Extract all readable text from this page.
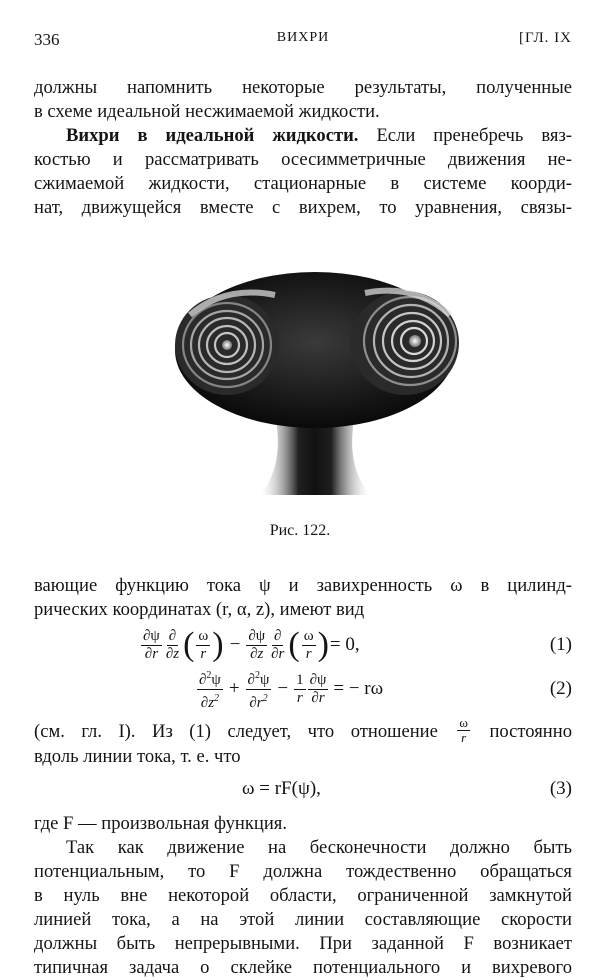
336	ВИХРИ	[ГЛ. IX
должны напомнить некоторые результаты, полученные
в схеме идеальной несжимаемой жидкости.
Вихри в идеальной жидкости. Если пренебречь вяз-
костью и рассматривать осесимметричные движения не-
сжимаемой жидкости, стационарные в системе коорди-
нат, движущейся вместе с вихрем, то уравнения, связы-
Рис. 122.
вающие функцию тока ψ и завихренность ω в цилинд-
рических координатах (r, α, z), имеют вид
$\frac{\partial\psi}{\partial r} \frac{\partial}{\partial z}$ ( $\frac{\omega}{r}$ ) − $\frac{\partial\psi}{\partial z} \frac{\partial}{\partial r}$ ( $\frac{\omega}{r}$ ) = 0,	(1)
$\frac{\partial^2\psi}{\partial z^2} + \frac{\partial^2\psi}{\partial r^2} - \frac{1}{r} \frac{\partial\psi}{\partial r}$ = − rω	(2)
(см. гл. I). Из (1) следует, что отношение $\frac{\omega}{r}$ постоянно
вдоль линии тока, т. е. что
ω = rF(ψ),	(3)
где F — произвольная функция.
Так как движение на бесконечности должно быть
потенциальным, то F должна тождественно обращаться
в нуль вне некоторой области, ограниченной замкнутой
линией тока, а на этой линии составляющие скорости
должны быть непрерывными. При заданной F возникает
типичная задача о склейке потенциального и вихревого
